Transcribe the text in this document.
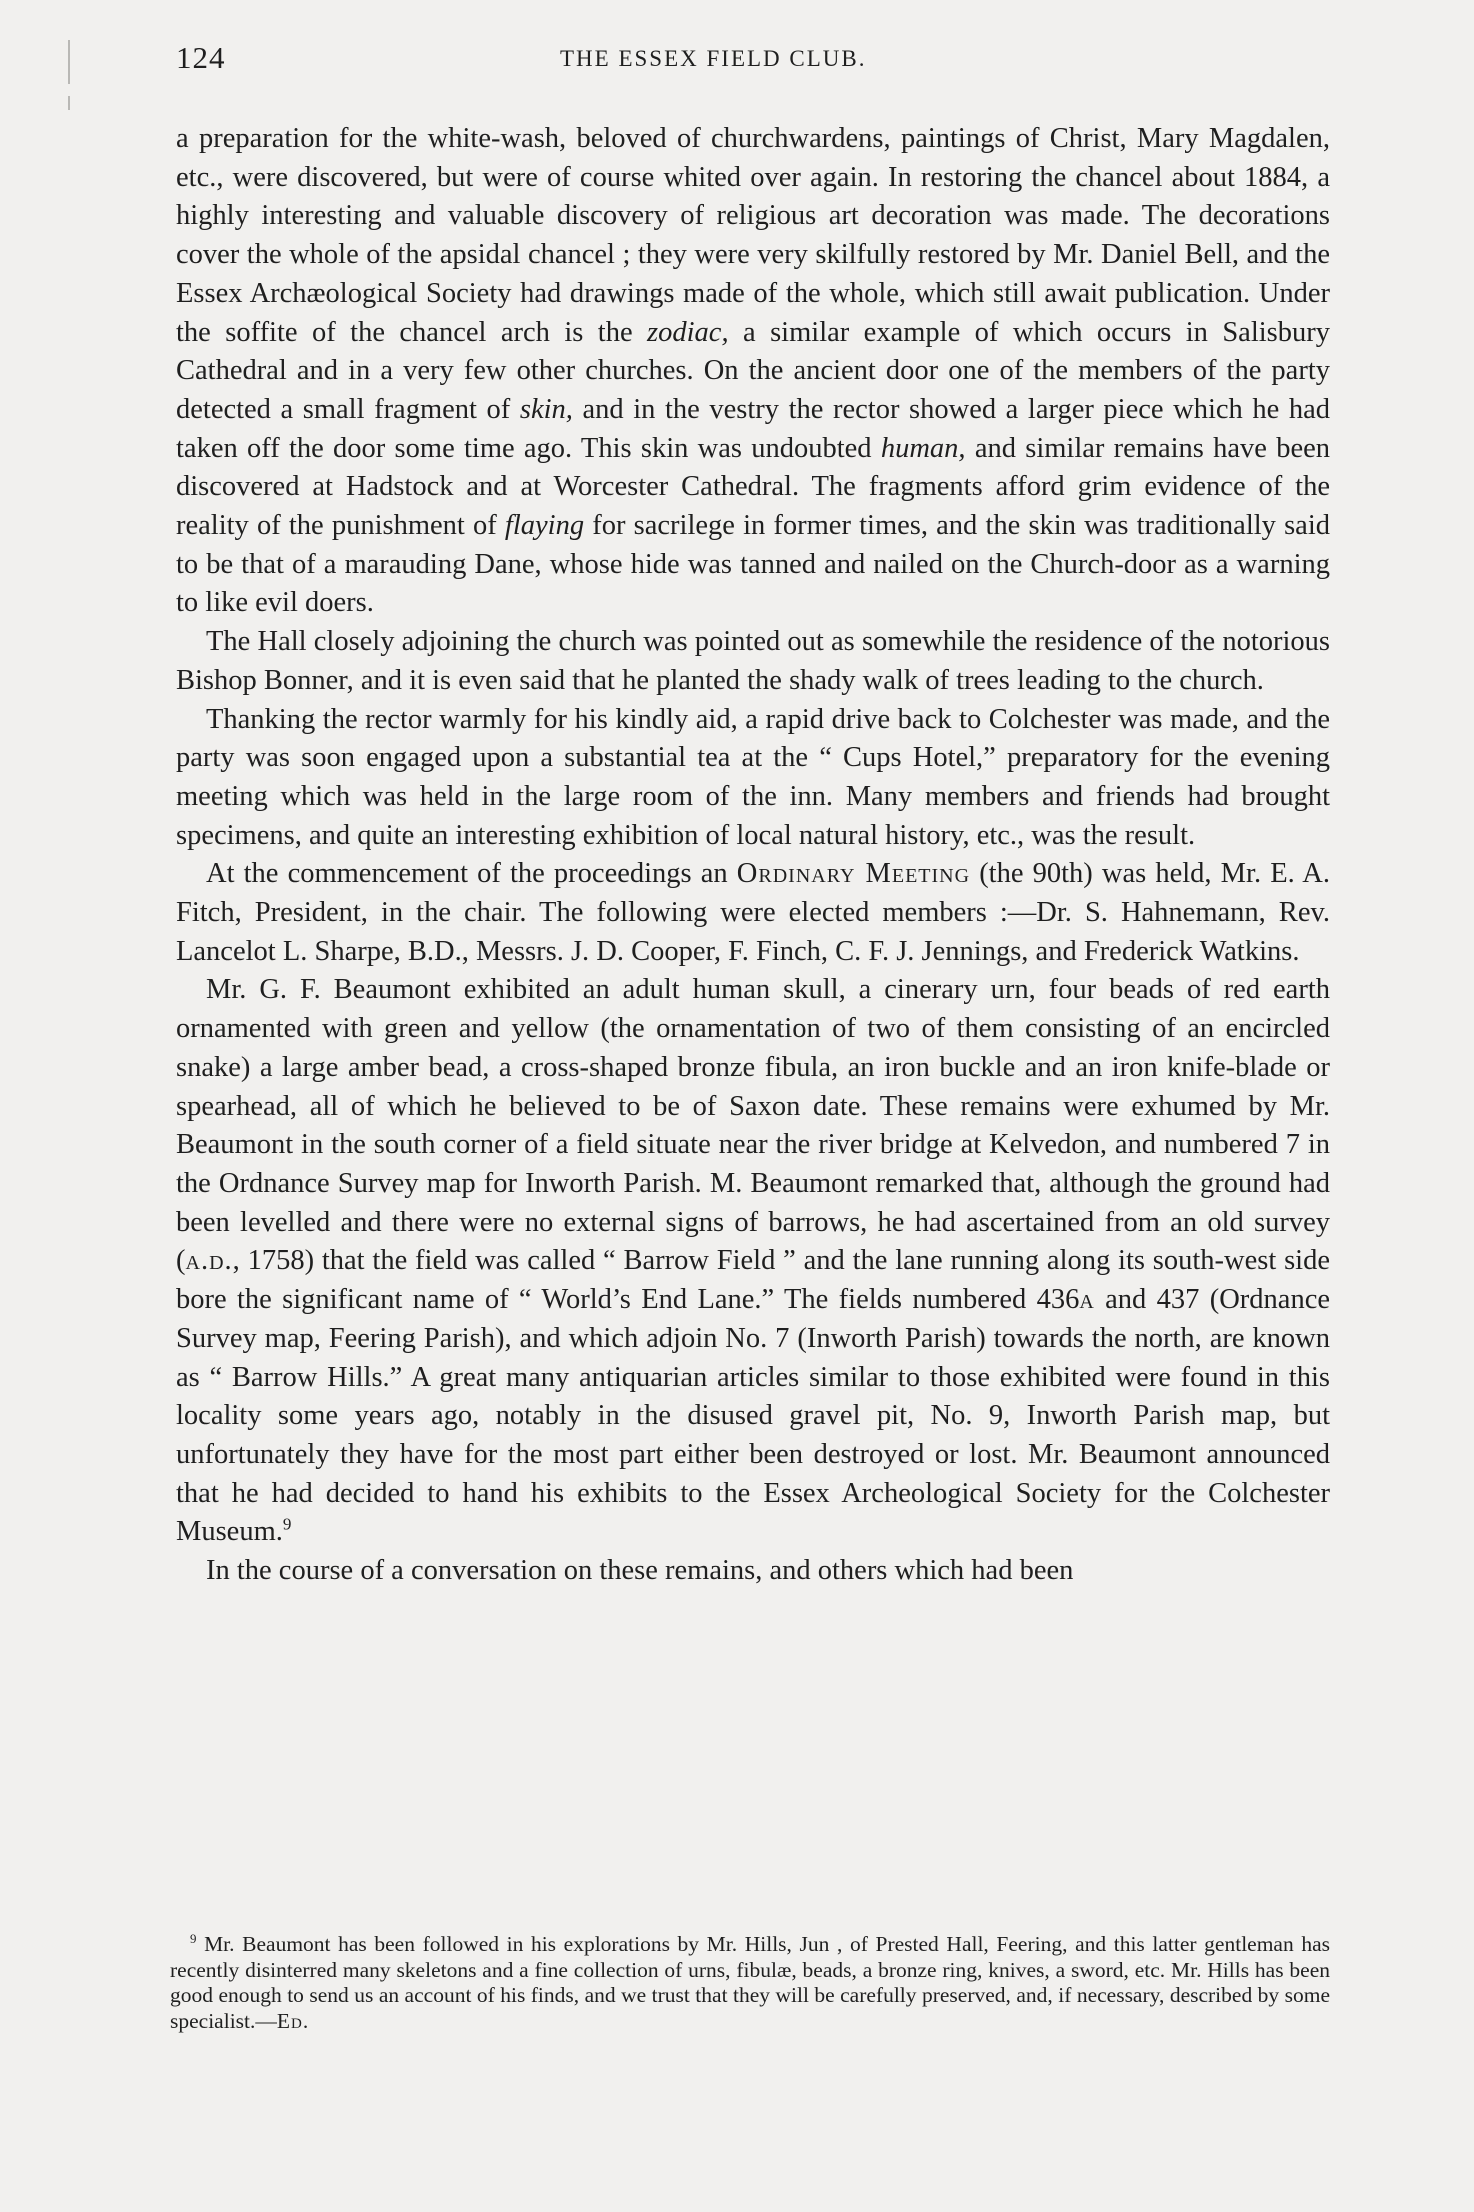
124	THE ESSEX FIELD CLUB.

a preparation for the white-wash, beloved of churchwardens, paintings of Christ, Mary Magdalen, etc., were discovered, but were of course whited over again. In restoring the chancel about 1884, a highly interesting and valuable discovery of religious art decoration was made. The decorations cover the whole of the apsidal chancel ; they were very skilfully restored by Mr. Daniel Bell, and the Essex Archæological Society had drawings made of the whole, which still await publication. Under the soffite of the chancel arch is the zodiac, a similar example of which occurs in Salisbury Cathedral and in a very few other churches. On the ancient door one of the members of the party detected a small fragment of skin, and in the vestry the rector showed a larger piece which he had taken off the door some time ago. This skin was undoubted human, and similar remains have been discovered at Hadstock and at Worcester Cathedral. The fragments afford grim evidence of the reality of the punishment of flaying for sacrilege in former times, and the skin was traditionally said to be that of a marauding Dane, whose hide was tanned and nailed on the Church-door as a warning to like evil doers.

The Hall closely adjoining the church was pointed out as somewhile the residence of the notorious Bishop Bonner, and it is even said that he planted the shady walk of trees leading to the church.

Thanking the rector warmly for his kindly aid, a rapid drive back to Colchester was made, and the party was soon engaged upon a substantial tea at the “ Cups Hotel,” preparatory for the evening meeting which was held in the large room of the inn. Many members and friends had brought specimens, and quite an interesting exhibition of local natural history, etc., was the result.

At the commencement of the proceedings an Ordinary Meeting (the 90th) was held, Mr. E. A. Fitch, President, in the chair. The following were elected members :—Dr. S. Hahnemann, Rev. Lancelot L. Sharpe, B.D., Messrs. J. D. Cooper, F. Finch, C. F. J. Jennings, and Frederick Watkins.

Mr. G. F. Beaumont exhibited an adult human skull, a cinerary urn, four beads of red earth ornamented with green and yellow (the ornamentation of two of them consisting of an encircled snake) a large amber bead, a cross-shaped bronze fibula, an iron buckle and an iron knife-blade or spearhead, all of which he believed to be of Saxon date. These remains were exhumed by Mr. Beaumont in the south corner of a field situate near the river bridge at Kelvedon, and numbered 7 in the Ordnance Survey map for Inworth Parish. M. Beaumont remarked that, although the ground had been levelled and there were no external signs of barrows, he had ascertained from an old survey (a.d., 1758) that the field was called “ Barrow Field ” and the lane running along its south-west side bore the significant name of “ World’s End Lane.” The fields numbered 436a and 437 (Ordnance Survey map, Feering Parish), and which adjoin No. 7 (Inworth Parish) towards the north, are known as “ Barrow Hills.” A great many antiquarian articles similar to those exhibited were found in this locality some years ago, notably in the disused gravel pit, No. 9, Inworth Parish map, but unfortunately they have for the most part either been destroyed or lost. Mr. Beaumont announced that he had decided to hand his exhibits to the Essex Archeological Society for the Colchester Museum.$^9$

In the course of a conversation on these remains, and others which had been

$^9$ Mr. Beaumont has been followed in his explorations by Mr. Hills, Jun , of Prested Hall, Feering, and this latter gentleman has recently disinterred many skeletons and a fine collection of urns, fibulæ, beads, a bronze ring, knives, a sword, etc. Mr. Hills has been good enough to send us an account of his finds, and we trust that they will be carefully preserved, and, if necessary, described by some specialist.—Ed.
